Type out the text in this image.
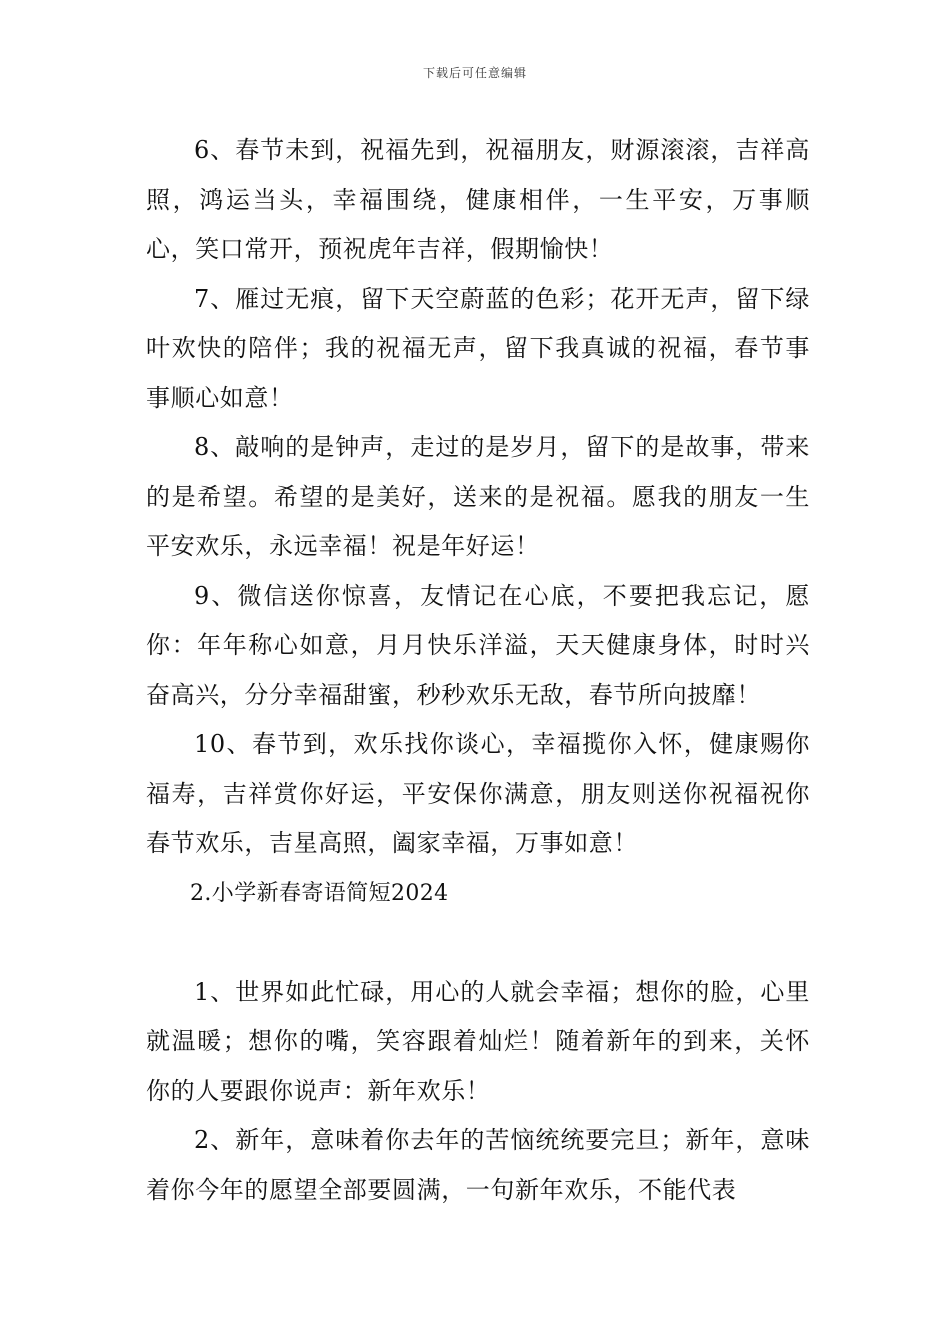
下载后可任意编辑

6、春节未到，祝福先到，祝福朋友，财源滚滚，吉祥高照，鸿运当头，幸福围绕，健康相伴，一生平安，万事顺心，笑口常开，预祝虎年吉祥，假期愉快！

7、雁过无痕，留下天空蔚蓝的色彩；花开无声，留下绿叶欢快的陪伴；我的祝福无声，留下我真诚的祝福，春节事事顺心如意！

8、敲响的是钟声，走过的是岁月，留下的是故事，带来的是希望。希望的是美好，送来的是祝福。愿我的朋友一生平安欢乐，永远幸福！祝是年好运！

9、微信送你惊喜，友情记在心底，不要把我忘记，愿你：年年称心如意，月月快乐洋溢，天天健康身体，时时兴奋高兴，分分幸福甜蜜，秒秒欢乐无敌，春节所向披靡！

10、春节到，欢乐找你谈心，幸福揽你入怀，健康赐你福寿，吉祥赏你好运，平安保你满意，朋友则送你祝福祝你春节欢乐，吉星高照，阖家幸福，万事如意！

2.小学新春寄语简短2024

1、世界如此忙碌，用心的人就会幸福；想你的脸，心里就温暖；想你的嘴，笑容跟着灿烂！随着新年的到来，关怀你的人要跟你说声：新年欢乐！

2、新年，意味着你去年的苦恼统统要完旦；新年，意味着你今年的愿望全部要圆满，一句新年欢乐，不能代表
